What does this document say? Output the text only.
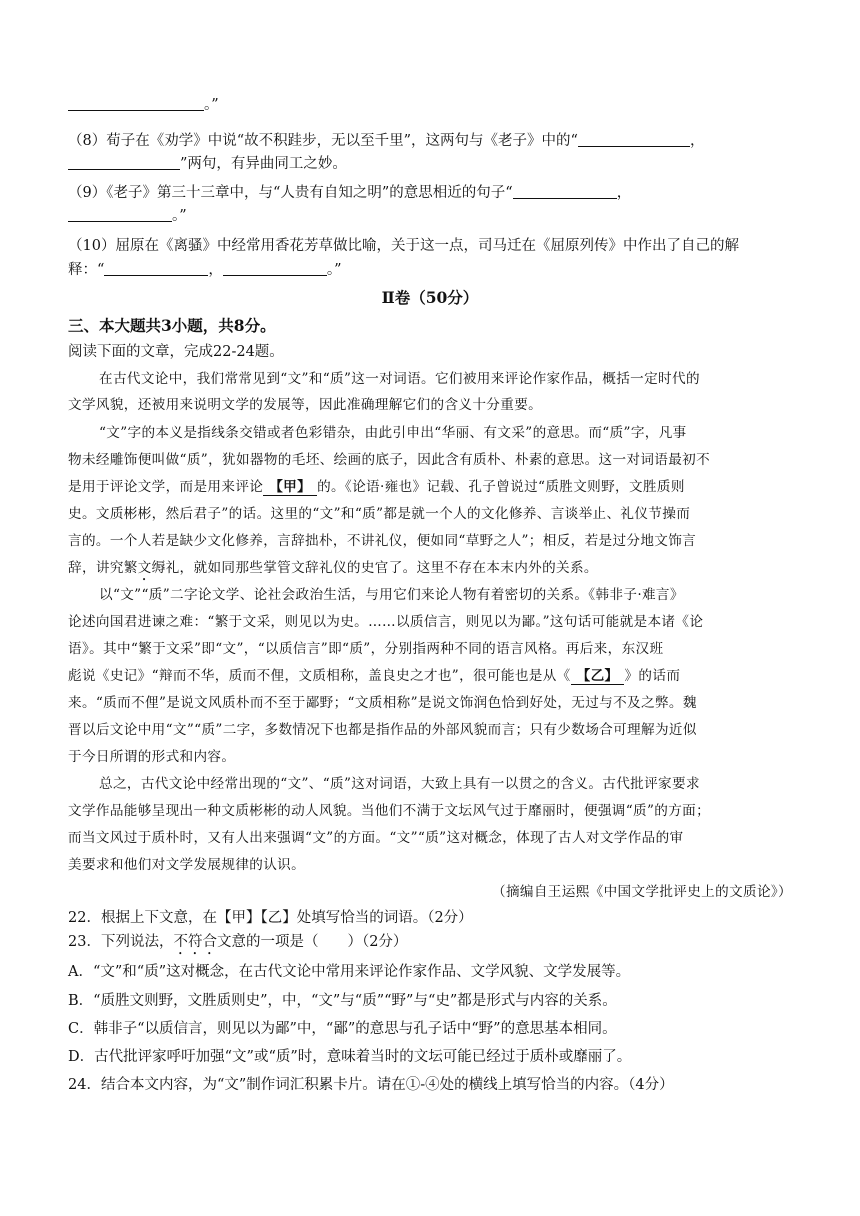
。”
（8）荀子在《劝学》中说“故不积跬步，无以至千里”，这两句与《老子》中的“	，
”两句，有异曲同工之妙。
（9）《老子》第三十三章中，与“人贵有自知之明”的意思相近的句子“	，
。”
（10）屈原在《离骚》中经常用香花芳草做比喻，关于这一点，司马迁在《屈原列传》中作出了自己的解
释：“	，	。”
Ⅱ卷（50分）
三、本大题共3小题，共8分。
阅读下面的文章，完成22-24题。
在古代文论中，我们常常见到“文”和“质”这一对词语。它们被用来评论作家作品，概括一定时代的
文学风貌，还被用来说明文学的发展等，因此准确理解它们的含义十分重要。
“文”字的本义是指线条交错或者色彩错杂，由此引申出“华丽、有文采”的意思。而“质”字，凡事
物未经雕饰便叫做“质”，犹如器物的毛坯、绘画的底子，因此含有质朴、朴素的意思。这一对词语最初不
是用于评论文学，而是用来评论 【甲】 的。《论语·雍也》记载、孔子曾说过“质胜文则野，文胜质则
史。文质彬彬，然后君子”的话。这里的“文”和“质”都是就一个人的文化修养、言谈举止、礼仪节操而
言的。一个人若是缺少文化修养，言辞拙朴，不讲礼仪，便如同“草野之人”；相反，若是过分地文饰言
辞，讲究繁文缛礼，就如同那些掌管文辞礼仪的史官了。这里不存在本末内外的关系。
以“文”“质”二字论文学、论社会政治生活，与用它们来论人物有着密切的关系。《韩非子·难言》
论述向国君进谏之难：“繁于文采，则见以为史。……以质信言，则见以为鄙。”这句话可能就是本诸《论
语》。其中“繁于文采”即“文”，“以质信言”即“质”，分别指两种不同的语言风格。再后来，东汉班
彪说《史记》“辩而不华，质而不俚，文质相称，盖良史之才也”，很可能也是从《 【乙】 》的话而
来。“质而不俚”是说文风质朴而不至于鄙野；“文质相称”是说文饰润色恰到好处，无过与不及之弊。魏
晋以后文论中用“文”“质”二字，多数情况下也都是指作品的外部风貌而言；只有少数场合可理解为近似
于今日所谓的形式和内容。
总之，古代文论中经常出现的“文”、“质”这对词语，大致上具有一以贯之的含义。古代批评家要求
文学作品能够呈现出一种文质彬彬的动人风貌。当他们不满于文坛风气过于靡丽时，便强调“质”的方面；
而当文风过于质朴时，又有人出来强调“文”的方面。“文”“质”这对概念，体现了古人对文学作品的审
美要求和他们对文学发展规律的认识。
（摘编自王运熙《中国文学批评史上的文质论》）
22．根据上下文意，在【甲】【乙】处填写恰当的词语。（2分）
23．下列说法，不符合文意的一项是（　　）（2分）
A．“文”和“质”这对概念，在古代文论中常用来评论作家作品、文学风貌、文学发展等。
B．“质胜文则野，文胜质则史”，中，“文”与“质”“野”与“史”都是形式与内容的关系。
C．韩非子“以质信言，则见以为鄙”中，“鄙”的意思与孔子话中“野”的意思基本相同。
D．古代批评家呼吁加强“文”或“质”时，意味着当时的文坛可能已经过于质朴或靡丽了。
24．结合本文内容，为“文”制作词汇积累卡片。请在①-④处的横线上填写恰当的内容。（4分）
